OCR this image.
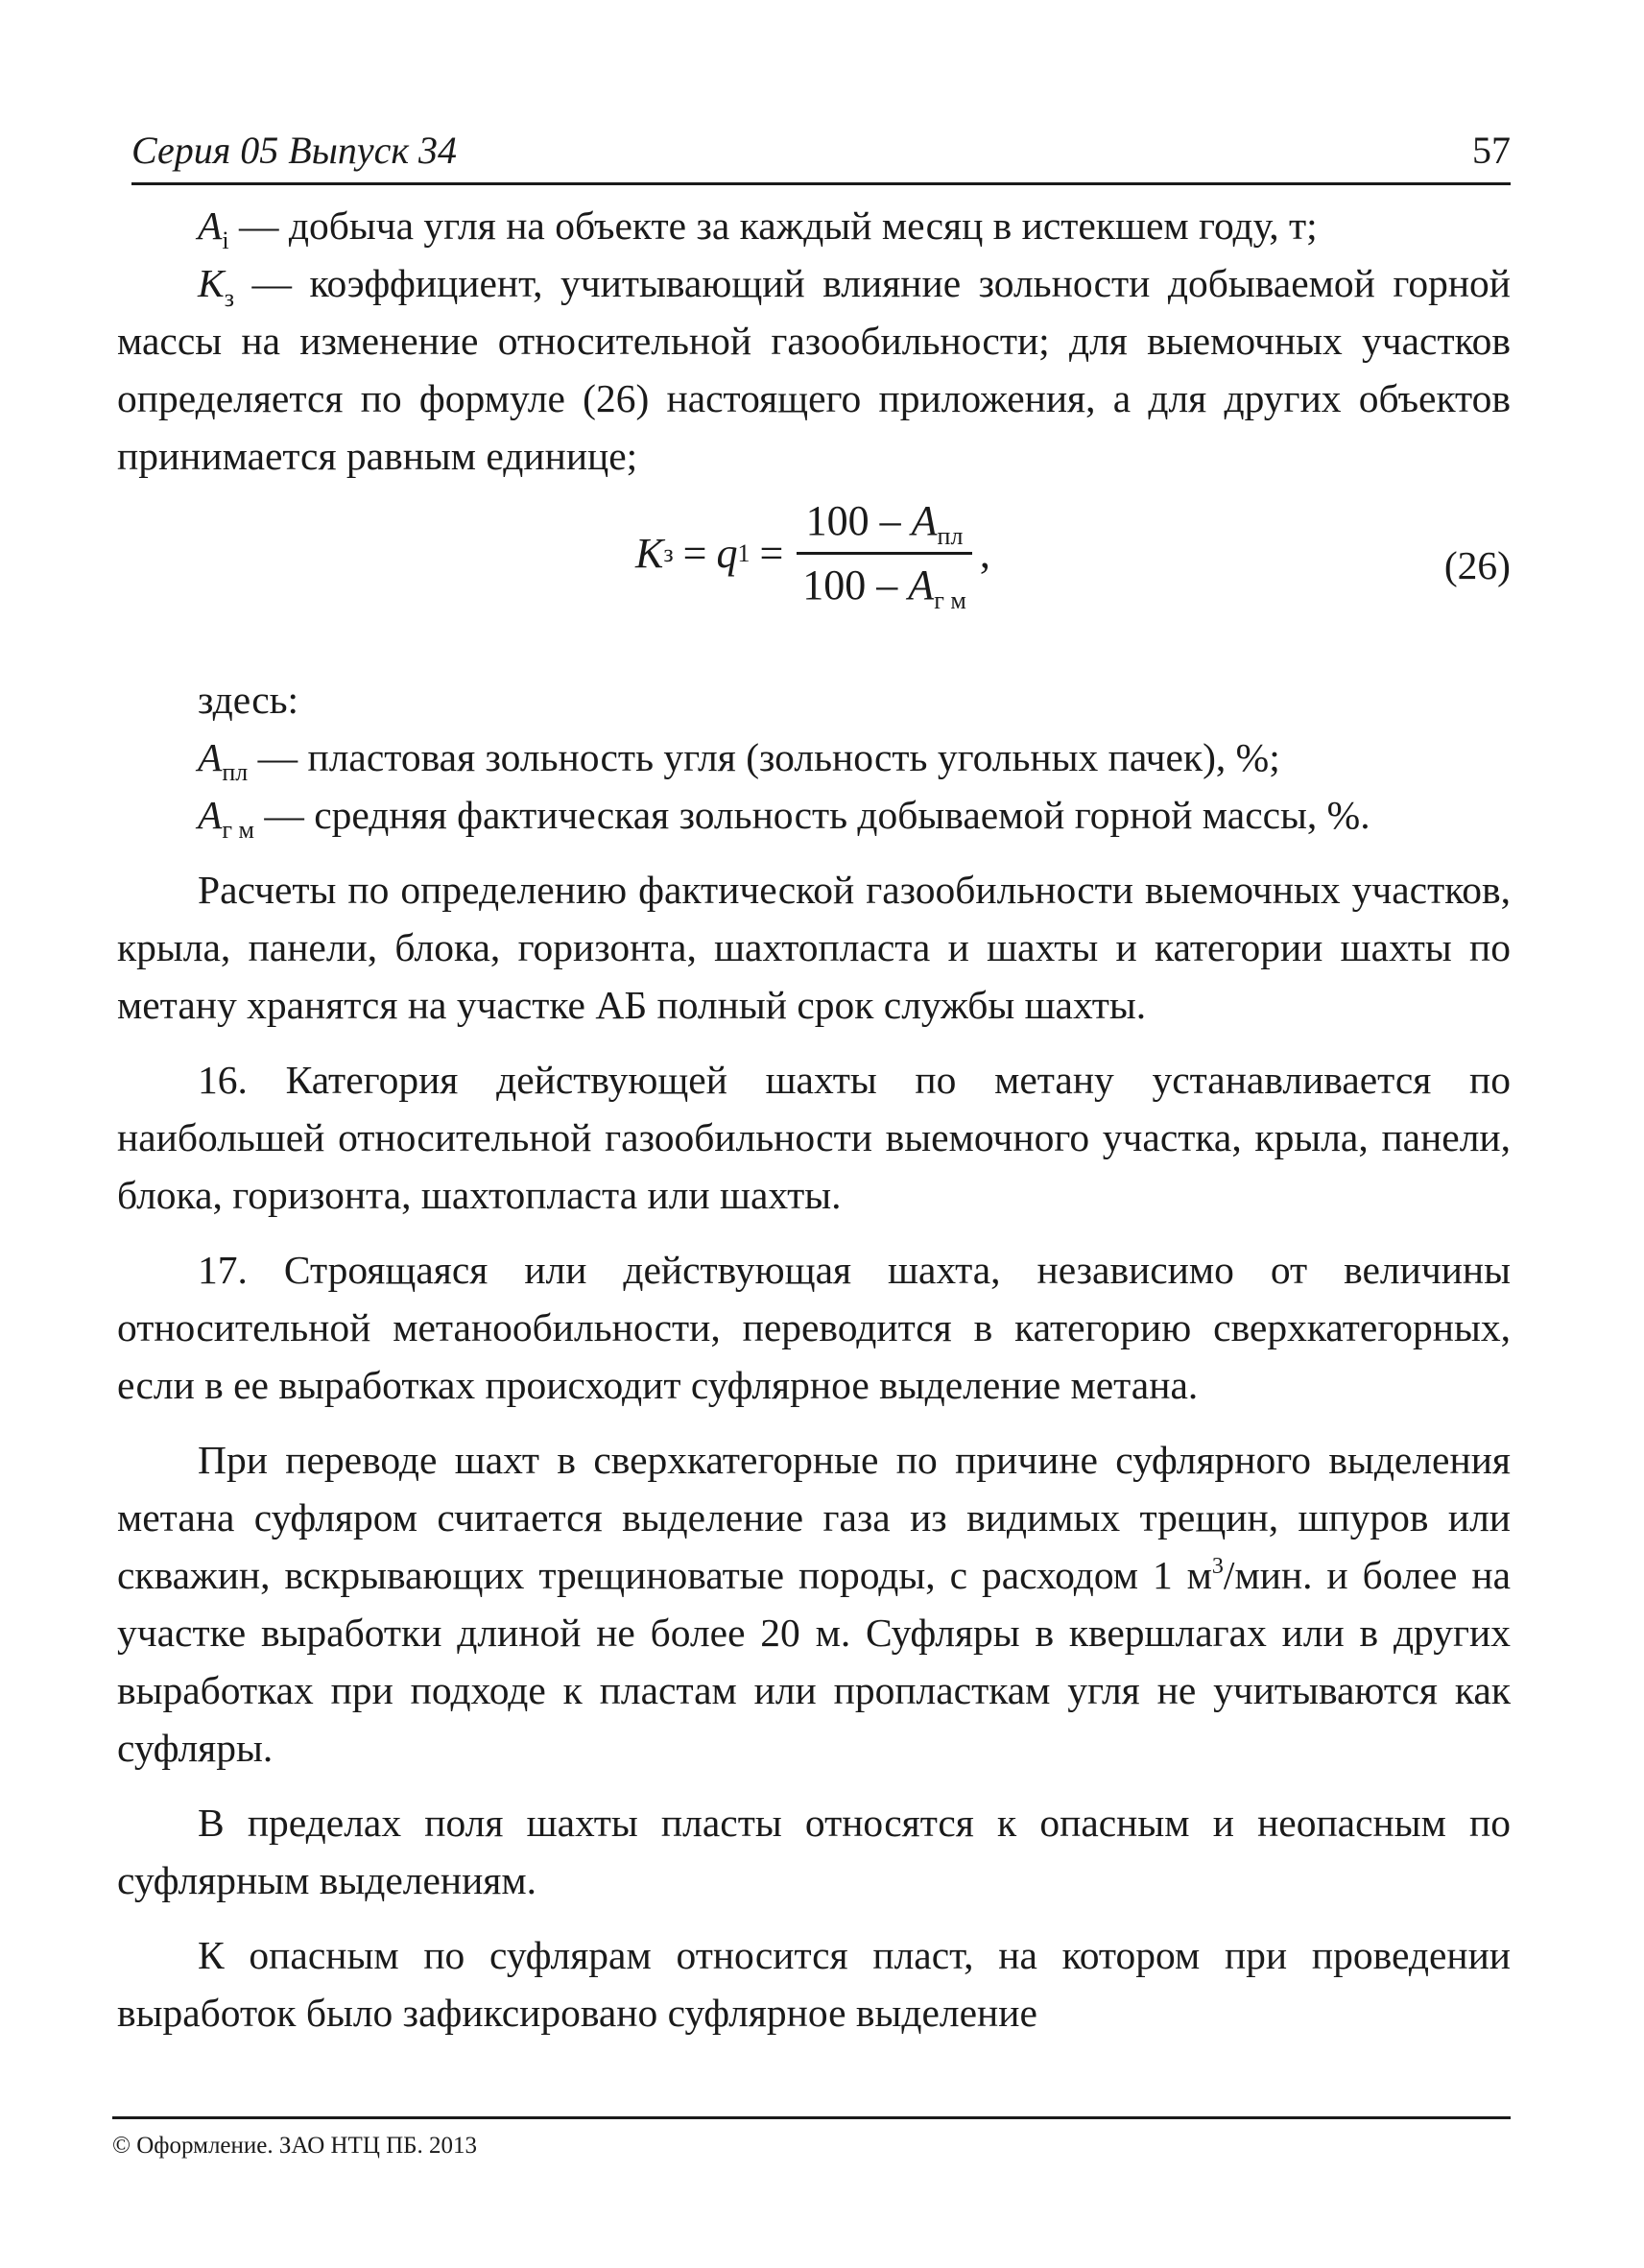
Серия 05 Выпуск 34	57

$A_i$ — добыча угля на объекте за каждый месяц в истекшем году, т;

$K_з$ — коэффициент, учитывающий влияние зольности добываемой горной массы на изменение относительной газообильности; для выемочных участков определяется по формуле (26) настоящего приложения, а для других объектов принимается равным единице;

K з = q $1 = \frac{100 - A_{пл}}{100 - A_{г м}}$ ,	(26)

здесь:

$A_{пл}$ — пластовая зольность угля (зольность угольных пачек), %;

$A_{г м}$ — средняя фактическая зольность добываемой горной массы, %.

Расчеты по определению фактической газообильности выемочных участков, крыла, панели, блока, горизонта, шахтопласта и шахты и категории шахты по метану хранятся на участке АБ полный срок службы шахты.

16. Категория действующей шахты по метану устанавливается по наибольшей относительной газообильности выемочного участка, крыла, панели, блока, горизонта, шахтопласта или шахты.

17. Строящаяся или действующая шахта, независимо от величины относительной метанообильности, переводится в категорию сверхкатегорных, если в ее выработках происходит суфлярное выделение метана.

При переводе шахт в сверхкатегорные по причине суфлярного выделения метана суфляром считается выделение газа из видимых трещин, шпуров или скважин, вскрывающих трещиноватые породы, с расходом 1 $м^3$/мин. и более на участке выработки длиной не более 20 м. Суфляры в квершлагах или в других выработках при подходе к пластам или пропласткам угля не учитываются как суфляры.

В пределах поля шахты пласты относятся к опасным и неопасным по суфлярным выделениям.

К опасным по суфлярам относится пласт, на котором при проведении выработок было зафиксировано суфлярное выделение

© Оформление. ЗАО НТЦ ПБ. 2013
